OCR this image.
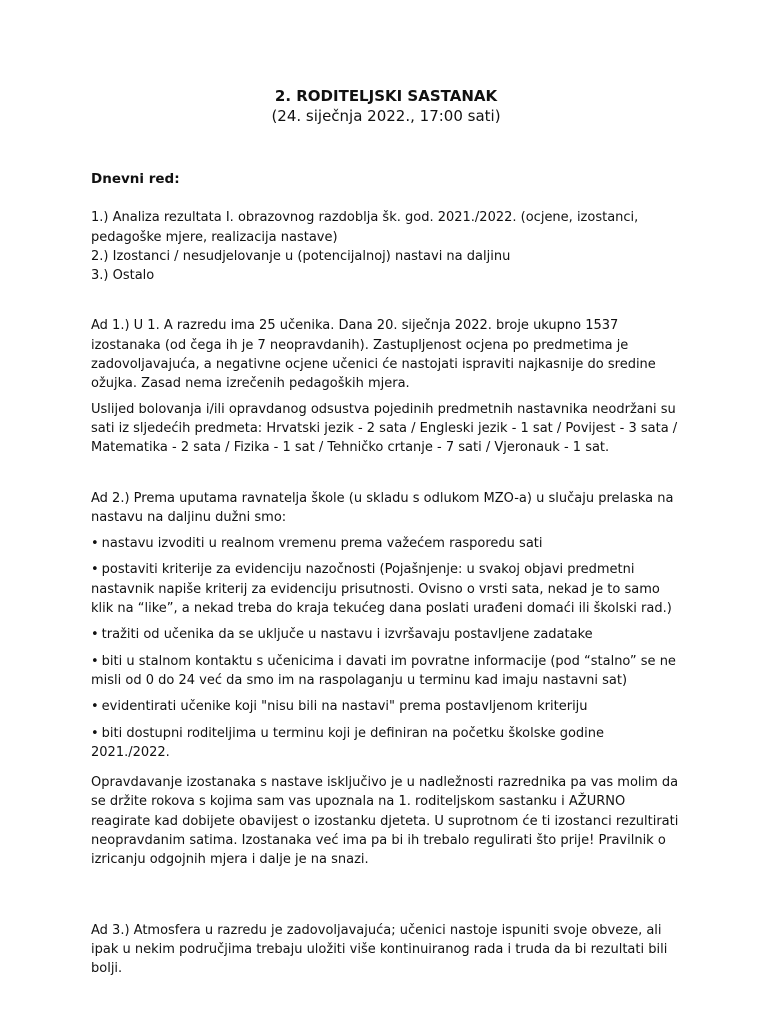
2. RODITELJSKI SASTANAK
(24. siječnja 2022., 17:00 sati)
Dnevni red:

1.) Analiza rezultata I. obrazovnog razdoblja šk. god. 2021./2022. (ocjene, izostanci, pedagoške mjere, realizacija nastave)

2.) Izostanci / nesudjelovanje u (potencijalnoj) nastavi na daljinu

3.) Ostalo

Ad 1.) U 1. A razredu ima 25 učenika. Dana 20. siječnja 2022. broje ukupno 1537 izostanaka (od čega ih je 7 neopravdanih). Zastupljenost ocjena po predmetima je zadovoljavajuća, a negativne ocjene učenici će nastojati ispraviti najkasnije do sredine ožujka. Zasad nema izrečenih pedagoških mjera.

Uslijed bolovanja i/ili opravdanog odsustva pojedinih predmetnih nastavnika neodržani su sati iz sljedećih predmeta: Hrvatski jezik - 2 sata / Engleski jezik - 1 sat / Povijest - 3 sata / Matematika - 2 sata / Fizika - 1 sat / Tehničko crtanje - 7 sati / Vjeronauk - 1 sat.

Ad 2.) Prema uputama ravnatelja škole (u skladu s odlukom MZO-a) u slučaju prelaska na nastavu na daljinu dužni smo:

• nastavu izvoditi u realnom vremenu prema važećem rasporedu sati

• postaviti kriterije za evidenciju nazočnosti (Pojašnjenje: u svakoj objavi predmetni nastavnik napiše kriterij za evidenciju prisutnosti. Ovisno o vrsti sata, nekad je to samo klik na “like”, a nekad treba do kraja tekućeg dana poslati urađeni domaći ili školski rad.)

• tražiti od učenika da se uključe u nastavu i izvršavaju postavljene zadatake

• biti u stalnom kontaktu s učenicima i davati im povratne informacije (pod “stalno” se ne misli od 0 do 24 već da smo im na raspolaganju u terminu kad imaju nastavni sat)

• evidentirati učenike koji "nisu bili na nastavi" prema postavljenom kriteriju

• biti dostupni roditeljima u terminu koji je definiran na početku školske godine 2021./2022.

Opravdavanje izostanaka s nastave isključivo je u nadležnosti razrednika pa vas molim da se držite rokova s kojima sam vas upoznala na 1. roditeljskom sastanku i AŽURNO reagirate kad dobijete obavijest o izostanku djeteta. U suprotnom će ti izostanci rezultirati neopravdanim satima. Izostanaka već ima pa bi ih trebalo regulirati što prije! Pravilnik o izricanju odgojnih mjera i dalje je na snazi.

Ad 3.) Atmosfera u razredu je zadovoljavajuća; učenici nastoje ispuniti svoje obveze, ali ipak u nekim područjima trebaju uložiti više kontinuiranog rada i truda da bi rezultati bili bolji.
